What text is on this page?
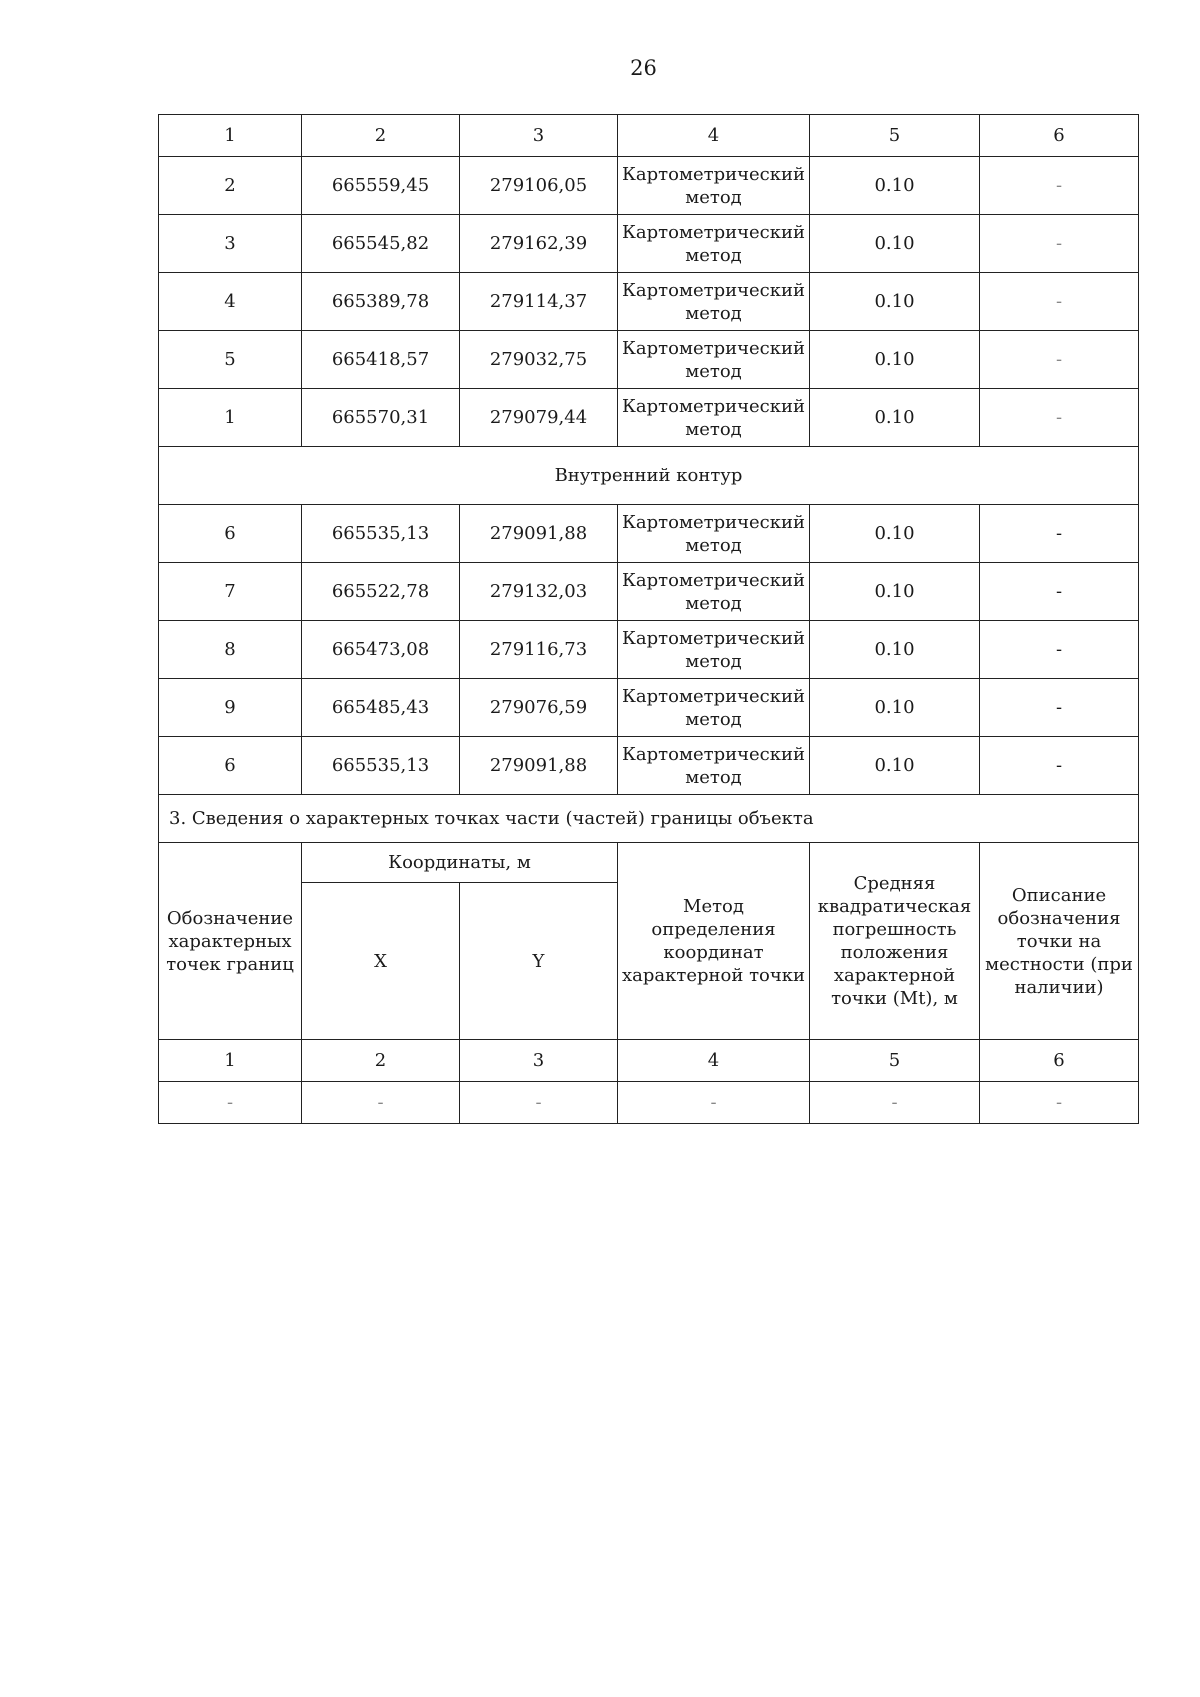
26
1	2	3	4	5	6
2	665559,45	279106,05	Картометрический метод	0.10	-
3	665545,82	279162,39	Картометрический метод	0.10	-
4	665389,78	279114,37	Картометрический метод	0.10	-
5	665418,57	279032,75	Картометрический метод	0.10	-
1	665570,31	279079,44	Картометрический метод	0.10	-
Внутренний контур					
6	665535,13	279091,88	Картометрический метод	0.10	-
7	665522,78	279132,03	Картометрический метод	0.10	-
8	665473,08	279116,73	Картометрический метод	0.10	-
9	665485,43	279076,59	Картометрический метод	0.10	-
6	665535,13	279091,88	Картометрический метод	0.10	-
3. Сведения о характерных точках части (частей) границы объекта					
Обозначение характерных точек границ	Координаты, м		Метод определения координат характерной точки	Средняя квадратическая погрешность положения характерной точки (Mt), м	Описание обозначения точки на местности (при наличии)
	X	Y			
1	2	3	4	5	6
-	-	-	-	-	-
